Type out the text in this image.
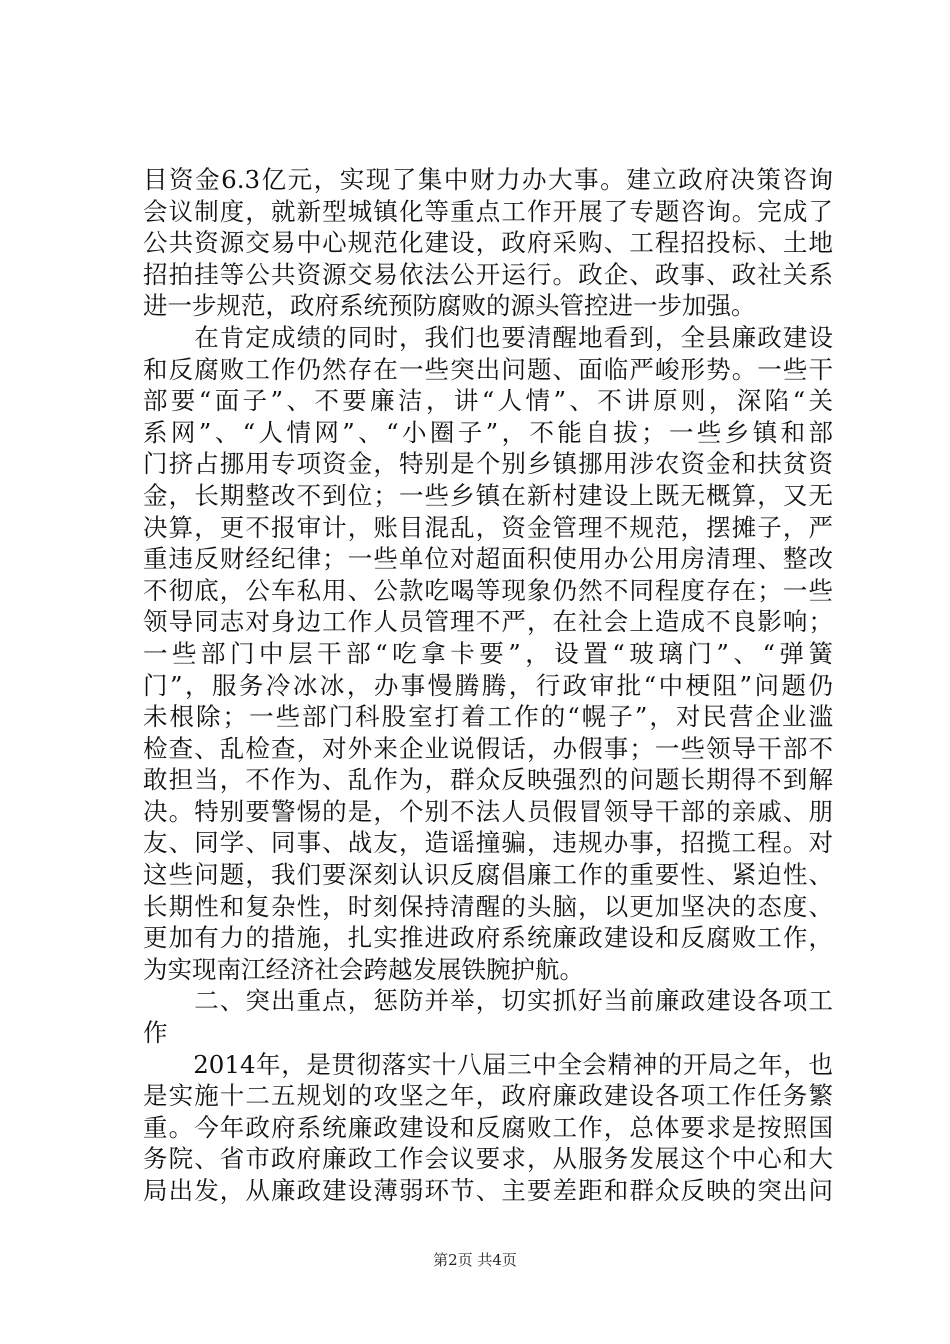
目资金6.3亿元，实现了集中财力办大事。建立政府决策咨询
会议制度，就新型城镇化等重点工作开展了专题咨询。完成了
公共资源交易中心规范化建设，政府采购、工程招投标、土地
招拍挂等公共资源交易依法公开运行。政企、政事、政社关系
进一步规范，政府系统预防腐败的源头管控进一步加强。
　　在肯定成绩的同时，我们也要清醒地看到，全县廉政建设
和反腐败工作仍然存在一些突出问题、面临严峻形势。一些干
部要“面子”、不要廉洁，讲“人情”、不讲原则，深陷“关
系网”、“人情网”、“小圈子”，不能自拔；一些乡镇和部
门挤占挪用专项资金，特别是个别乡镇挪用涉农资金和扶贫资
金，长期整改不到位；一些乡镇在新村建设上既无概算，又无
决算，更不报审计，账目混乱，资金管理不规范，摆摊子，严
重违反财经纪律；一些单位对超面积使用办公用房清理、整改
不彻底，公车私用、公款吃喝等现象仍然不同程度存在；一些
领导同志对身边工作人员管理不严，在社会上造成不良影响；
一些部门中层干部“吃拿卡要”，设置“玻璃门”、“弹簧
门”，服务冷冰冰，办事慢腾腾，行政审批“中梗阻”问题仍
未根除；一些部门科股室打着工作的“幌子”，对民营企业滥
检查、乱检查，对外来企业说假话，办假事；一些领导干部不
敢担当，不作为、乱作为，群众反映强烈的问题长期得不到解
决。特别要警惕的是，个别不法人员假冒领导干部的亲戚、朋
友、同学、同事、战友，造谣撞骗，违规办事，招揽工程。对
这些问题，我们要深刻认识反腐倡廉工作的重要性、紧迫性、
长期性和复杂性，时刻保持清醒的头脑，以更加坚决的态度、
更加有力的措施，扎实推进政府系统廉政建设和反腐败工作，
为实现南江经济社会跨越发展铁腕护航。
　　二、突出重点，惩防并举，切实抓好当前廉政建设各项工
作
　　2014年，是贯彻落实十八届三中全会精神的开局之年，也
是实施十二五规划的攻坚之年，政府廉政建设各项工作任务繁
重。今年政府系统廉政建设和反腐败工作，总体要求是按照国
务院、省市政府廉政工作会议要求，从服务发展这个中心和大
局出发，从廉政建设薄弱环节、主要差距和群众反映的突出问
第2页 共4页
